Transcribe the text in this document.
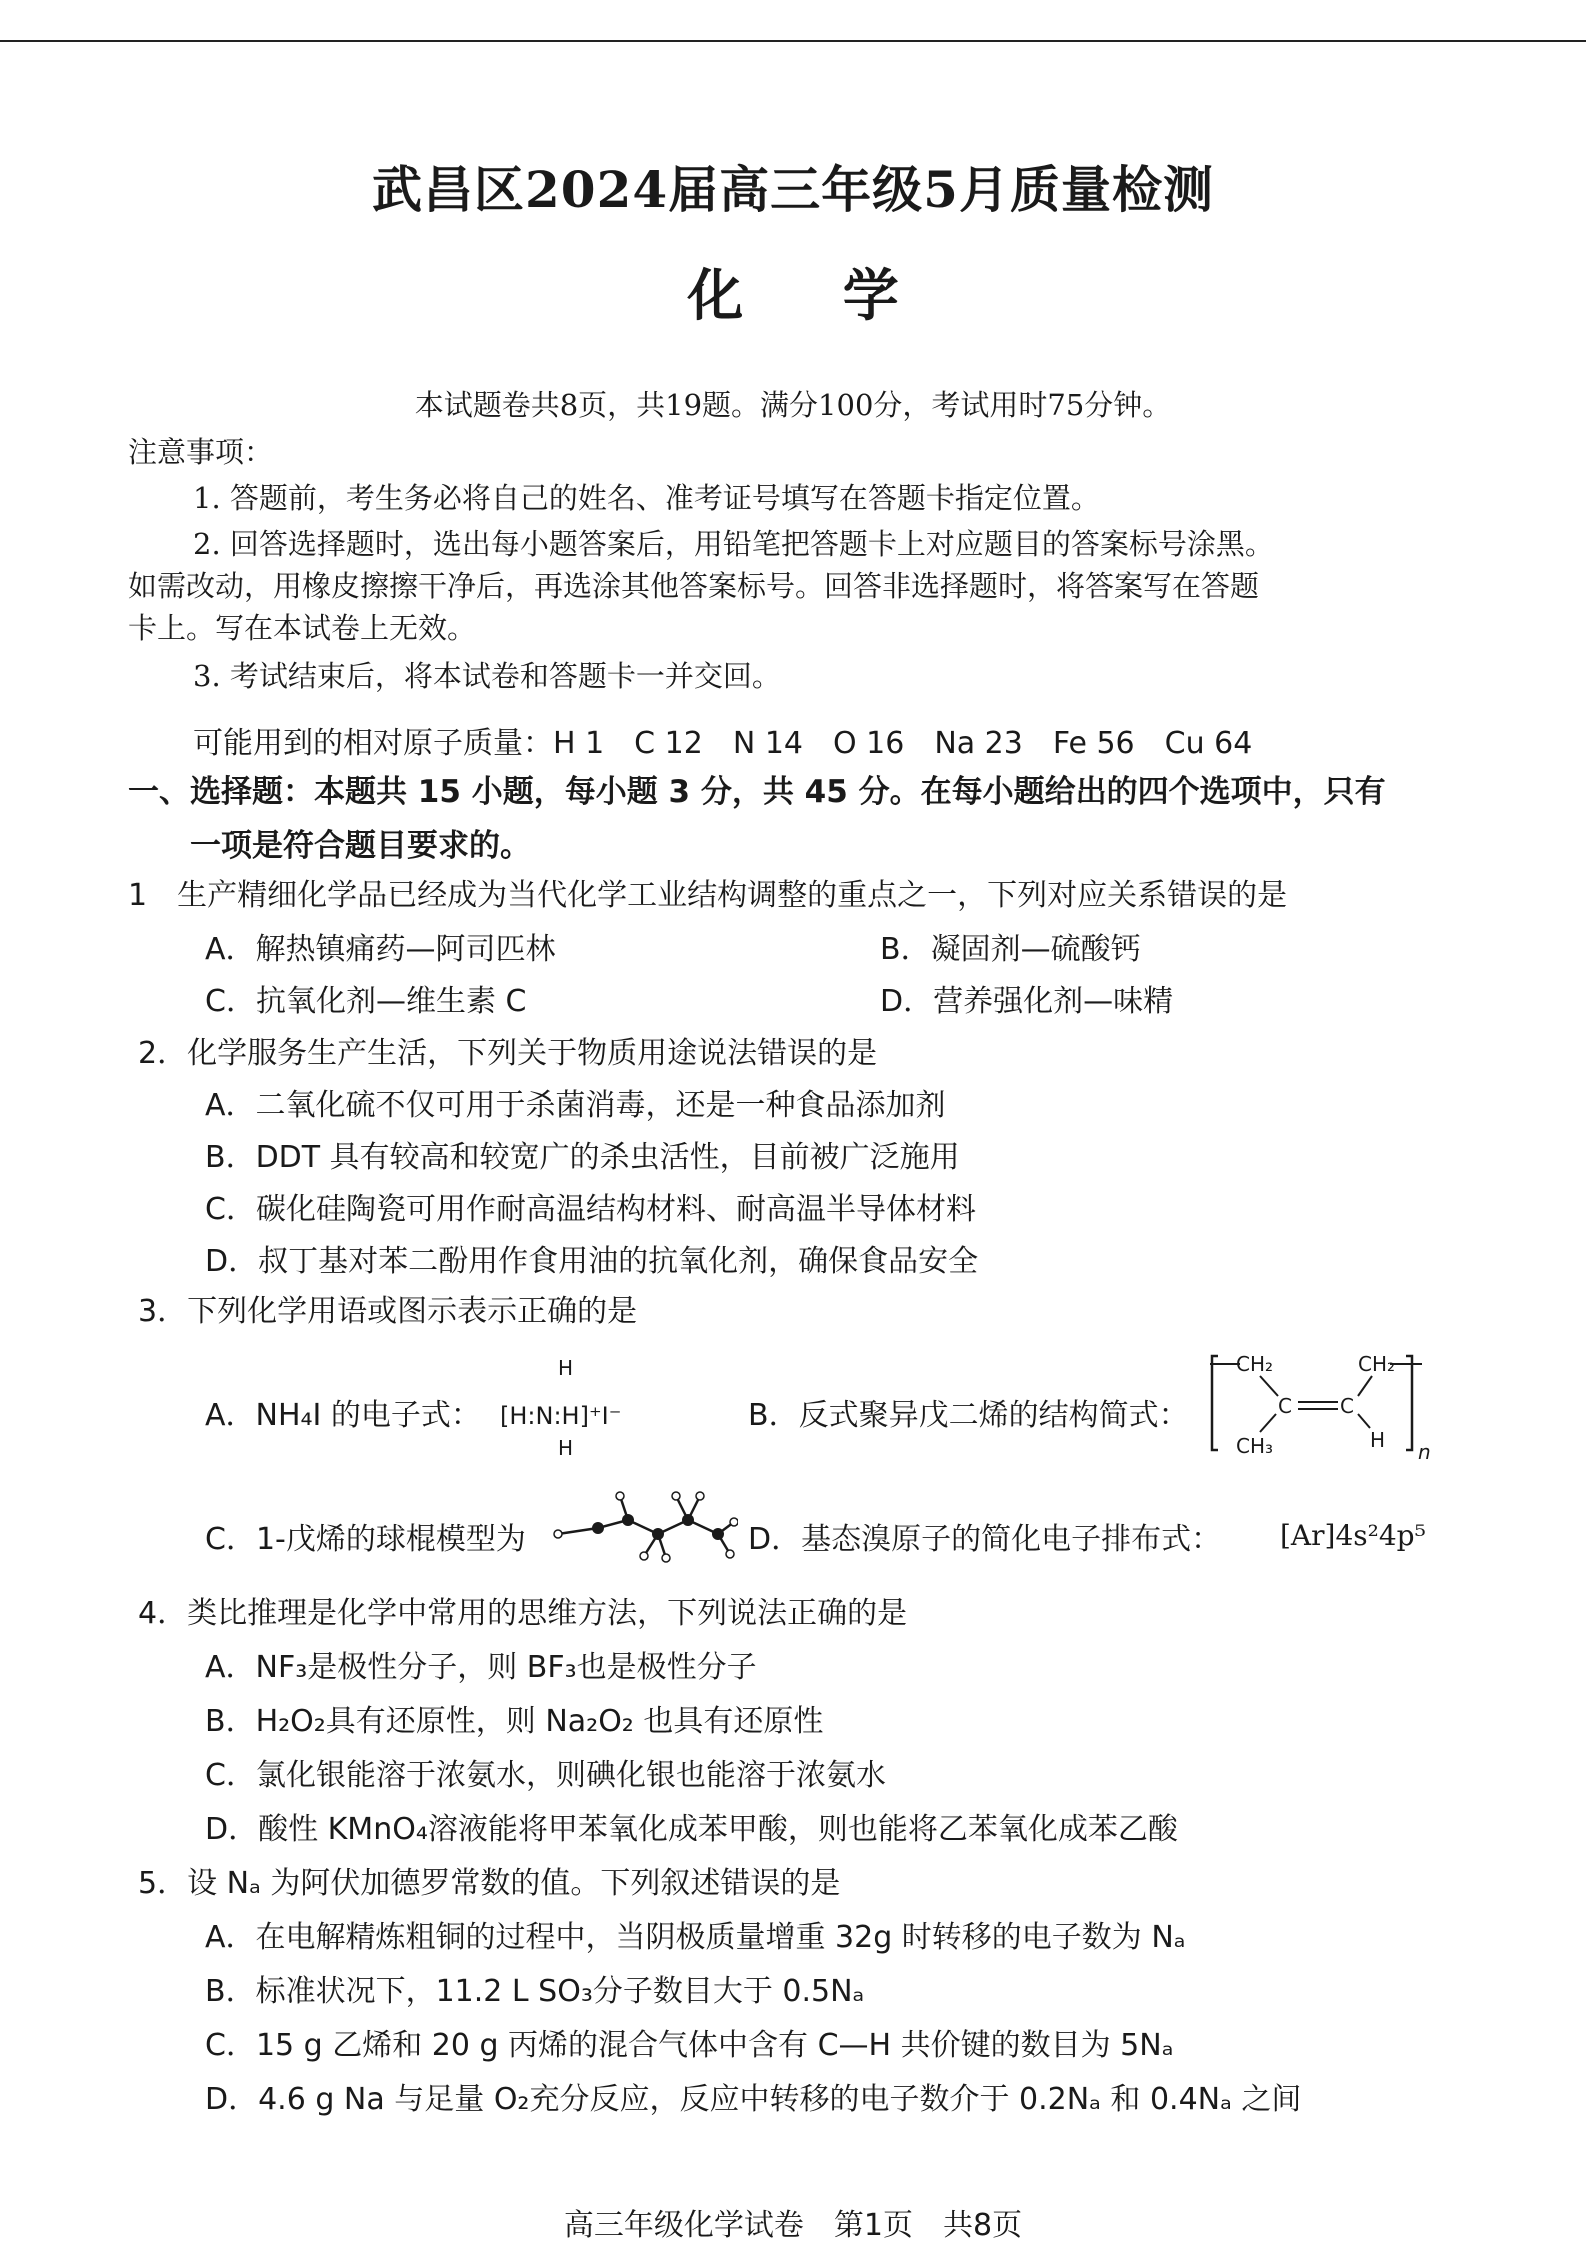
武昌区2024届高三年级5月质量检测
化 学
本试题卷共8页，共19题。满分100分，考试用时75分钟。
注意事项：
1. 答题前，考生务必将自己的姓名、准考证号填写在答题卡指定位置。
2. 回答选择题时，选出每小题答案后，用铅笔把答题卡上对应题目的答案标号涂黑。
如需改动，用橡皮擦擦干净后，再选涂其他答案标号。回答非选择题时，将答案写在答题
卡上。写在本试卷上无效。
3. 考试结束后，将本试卷和答题卡一并交回。
可能用到的相对原子质量：H 1　C 12　N 14　O 16　Na 23　Fe 56　Cu 64
一、选择题：本题共 15 小题，每小题 3 分，共 45 分。在每小题给出的四个选项中，只有
一项是符合题目要求的。
1　生产精细化学品已经成为当代化学工业结构调整的重点之一，下列对应关系错误的是
A．解热镇痛药—阿司匹林	B．凝固剂—硫酸钙
C．抗氧化剂—维生素 C	D．营养强化剂—味精
2．化学服务生产生活，下列关于物质用途说法错误的是
A．二氧化硫不仅可用于杀菌消毒，还是一种食品添加剂
B．DDT 具有较高和较宽广的杀虫活性，目前被广泛施用
C．碳化硅陶瓷可用作耐高温结构材料、耐高温半导体材料
D．叔丁基对苯二酚用作食用油的抗氧化剂，确保食品安全
3．下列化学用语或图示表示正确的是
A．NH₄I 的电子式： [H:N:H]⁺I⁻
H
H
B．反式聚异戊二烯的结构简式：
CH₂	CH₂
C C
CH₃	H n
C．1-戊烯的球棍模型为	D．基态溴原子的简化电子排布式： [Ar]4s²4p⁵
4．类比推理是化学中常用的思维方法，下列说法正确的是
A．NF₃是极性分子，则 BF₃也是极性分子
B．H₂O₂具有还原性，则 Na₂O₂ 也具有还原性
C．氯化银能溶于浓氨水，则碘化银也能溶于浓氨水
D．酸性 KMnO₄溶液能将甲苯氧化成苯甲酸，则也能将乙苯氧化成苯乙酸
5．设 Nₐ 为阿伏加德罗常数的值。下列叙述错误的是
A．在电解精炼粗铜的过程中，当阴极质量增重 32g 时转移的电子数为 Nₐ
B．标准状况下，11.2 L SO₃分子数目大于 0.5Nₐ
C．15 g 乙烯和 20 g 丙烯的混合气体中含有 C—H 共价键的数目为 5Nₐ
D．4.6 g Na 与足量 O₂充分反应，反应中转移的电子数介于 0.2Nₐ 和 0.4Nₐ 之间
高三年级化学试卷　第1页　共8页
